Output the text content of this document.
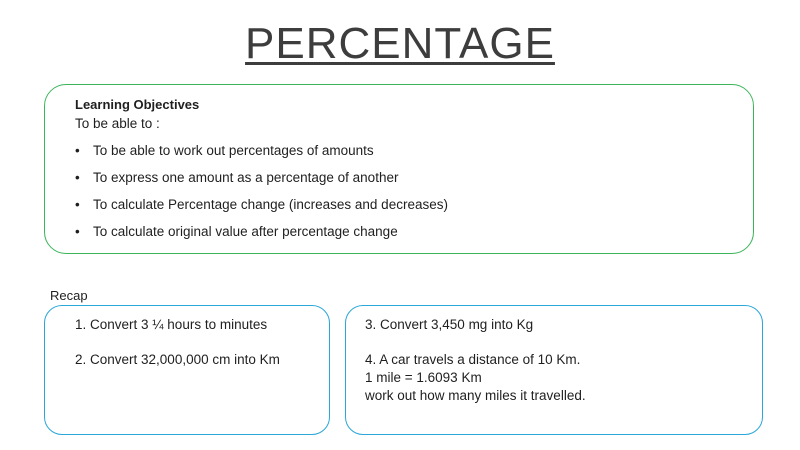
PERCENTAGE
Learning Objectives
To be able to :
• To be able to work out percentages of amounts
• To express one amount as a percentage of another
• To calculate Percentage change (increases and decreases)
• To calculate original value after percentage change
Recap
1. Convert 3 ¼ hours to minutes
2. Convert 32,000,000 cm into Km
3. Convert 3,450 mg into Kg
4. A car travels a distance of 10 Km.
1 mile = 1.6093 Km
work out how many miles it travelled.
